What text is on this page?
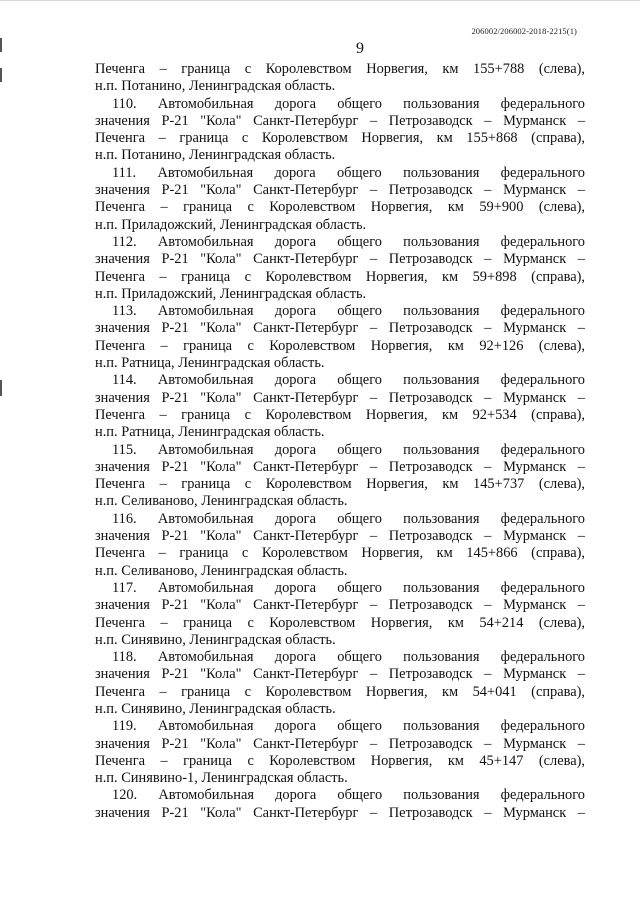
206002/206002-2018-2215(1)
9
Печенга – граница с Королевством Норвегия, км 155+788 (слева),
н.п. Потанино, Ленинградская область.
110. Автомобильная дорога общего пользования федерального
значения Р-21 "Кола" Санкт-Петербург – Петрозаводск – Мурманск –
Печенга – граница с Королевством Норвегия, км 155+868 (справа),
н.п. Потанино, Ленинградская область.
111. Автомобильная дорога общего пользования федерального
значения Р-21 "Кола" Санкт-Петербург – Петрозаводск – Мурманск –
Печенга – граница с Королевством Норвегия, км 59+900 (слева),
н.п. Приладожский, Ленинградская область.
112. Автомобильная дорога общего пользования федерального
значения Р-21 "Кола" Санкт-Петербург – Петрозаводск – Мурманск –
Печенга – граница с Королевством Норвегия, км 59+898 (справа),
н.п. Приладожский, Ленинградская область.
113. Автомобильная дорога общего пользования федерального
значения Р-21 "Кола" Санкт-Петербург – Петрозаводск – Мурманск –
Печенга – граница с Королевством Норвегия, км 92+126 (слева),
н.п. Ратница, Ленинградская область.
114. Автомобильная дорога общего пользования федерального
значения Р-21 "Кола" Санкт-Петербург – Петрозаводск – Мурманск –
Печенга – граница с Королевством Норвегия, км 92+534 (справа),
н.п. Ратница, Ленинградская область.
115. Автомобильная дорога общего пользования федерального
значения Р-21 "Кола" Санкт-Петербург – Петрозаводск – Мурманск –
Печенга – граница с Королевством Норвегия, км 145+737 (слева),
н.п. Селиваново, Ленинградская область.
116. Автомобильная дорога общего пользования федерального
значения Р-21 "Кола" Санкт-Петербург – Петрозаводск – Мурманск –
Печенга – граница с Королевством Норвегия, км 145+866 (справа),
н.п. Селиваново, Ленинградская область.
117. Автомобильная дорога общего пользования федерального
значения Р-21 "Кола" Санкт-Петербург – Петрозаводск – Мурманск –
Печенга – граница с Королевством Норвегия, км 54+214 (слева),
н.п. Синявино, Ленинградская область.
118. Автомобильная дорога общего пользования федерального
значения Р-21 "Кола" Санкт-Петербург – Петрозаводск – Мурманск –
Печенга – граница с Королевством Норвегия, км 54+041 (справа),
н.п. Синявино, Ленинградская область.
119. Автомобильная дорога общего пользования федерального
значения Р-21 "Кола" Санкт-Петербург – Петрозаводск – Мурманск –
Печенга – граница с Королевством Норвегия, км 45+147 (слева),
н.п. Синявино-1, Ленинградская область.
120. Автомобильная дорога общего пользования федерального
значения Р-21 "Кола" Санкт-Петербург – Петрозаводск – Мурманск –
